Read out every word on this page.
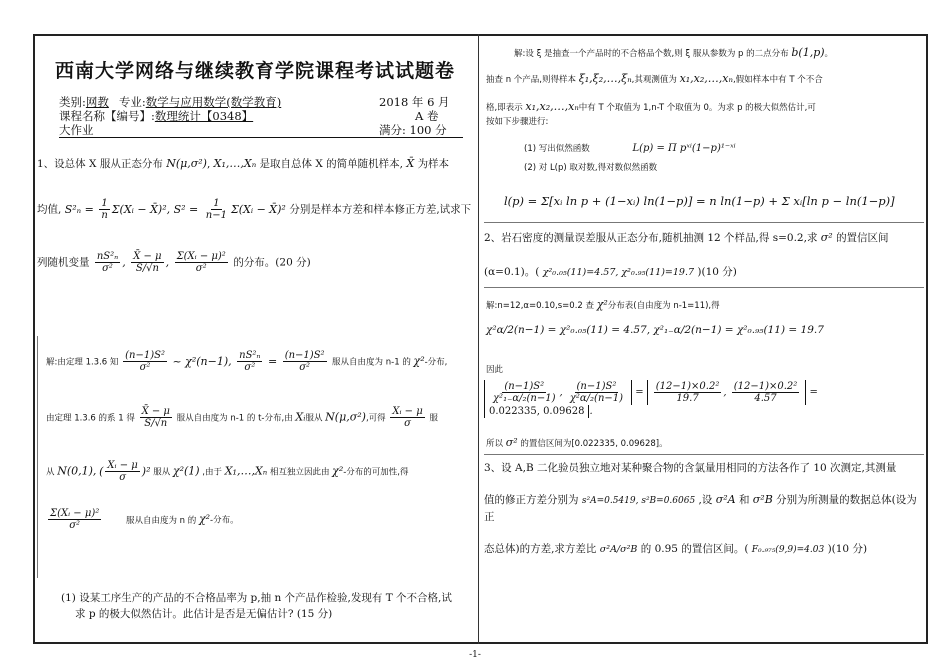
西南大学网络与继续教育学院课程考试试题卷
类别: 网教 专业: 数学与应用数学(数学教育)	2018 年 6 月
课程名称【编号】: 数理统计【0348】	A 卷
大作业	满分: 100 分
1、设总体 X 服从正态分布 N(μ,σ²), X₁,…,Xₙ 是取自总体 X 的简单随机样本, X̄ 为样本
均值, $S^2_n = \frac{1}{n}$ Σ(Xᵢ − X̄)², $S^2 = \frac{1}{n-1}$ Σ(Xᵢ − X̄)² 分别是样本方差和样本修正方差,试求下
列随机变量 $\frac{\text{nS²ₙ}}{\text{σ²}}$ , $\frac{X̄ - \mu}{S/√n}$ , $\frac{\text{Σ(Xᵢ − μ)²}}{\text{σ²}}$ 的分布。(20 分)
解:由定理 1.3.6 知 $\frac{\text{(n−1)S²}}{\text{σ²}}$ ~ χ²(n−1), $\frac{\text{nS²ₙ}}{\text{σ²}} = \frac{\text{(n−1)S²}}{\text{σ²}}$ 服从自由度为 n-1 的 χ²-分布,
由定理 1.3.6 的系 1 得 $\frac{X̄ - \mu}{S/√n}$ 服从自由度为 n-1 的 t-分布,由 Xᵢ服从 N(μ,σ²),可得 $\frac{\text{Xᵢ − μ}}{\sigma}$ 服
从 N(0,1), ( $\frac{\text{Xᵢ − μ}}{\sigma} )^2$ 服从 χ²(1) ,由于 X₁,…,Xₙ 相互独立因此由 χ²-分布的可加性,得
$\frac{\text{Σ(Xᵢ − μ)²}}{\text{σ²}}$	服从自由度为 n 的 χ²-分布。
(1) 设某工序生产的产品的不合格品率为 p,抽 n 个产品作检验,发现有 T 个不合格,试
求 p 的极大似然估计。此估计是否是无偏估计? (15 分)
解:设 ξ 是抽查一个产品时的不合格品个数,则 ξ 服从参数为 p 的二点分布 b(1,p)。
抽查 n 个产品,则得样本 ξ₁,ξ₂,…,ξₙ,其观测值为 x₁,x₂,…,xₙ,假如样本中有 T 个不合
格,即表示 x₁,x₂,…,xₙ中有 T 个取值为 1,n-T 个取值为 0。为求 p 的极大似然估计,可
按如下步骤进行:
(1) 写出似然函数	L(p) = Π pˣⁱ(1−p)¹⁻ˣⁱ
(2) 对 L(p) 取对数,得对数似然函数
l(p) = Σ[xᵢ ln p + (1−xᵢ) ln(1−p)] = n ln(1−p) + Σ xᵢ[ln p − ln(1−p)]
2、岩石密度的测量误差服从正态分布,随机抽测 12 个样品,得 s=0.2,求 σ² 的置信区间
(α=0.1)。( χ²₀.₀₅(11)=4.57, χ²₀.₉₅(11)=19.7 )(10 分)
解:n=12,α=0.10,s=0.2 查 χ²分布表(自由度为 n-1=11),得
χ²α/2(n−1) = χ²₀.₀₅(11) = 4.57, χ²₁₋α/2(n−1) = χ²₀.₉₅(11) = 19.7
因此
$\frac{\text{(n−1)S²}}{\text{χ²₁₋α/₂(n−1)}}$ , $\frac{\text{(n−1)S²}}{\text{χ²α/₂(n−1)}} = \frac{\text{(12−1)×0.2²}}{19.7}$ , $\frac{\text{(12−1)×0.2²}}{4.57} = 0.022335$, 0.09628 .
所以 σ² 的置信区间为[0.022335, 0.09628]。
3、设 A,B 二化验员独立地对某种聚合物的含氯量用相同的方法各作了 10 次测定,其测量
值的修正方差分别为 s²A=0.5419, s²B=0.6065 ,设 σ²A 和 σ²B 分别为所测量的数据总体(设为正
态总体)的方差,求方差比 σ²A/σ²B 的 0.95 的置信区间。( F₀.₉₇₅(9,9)=4.03 )(10 分)
-1-
